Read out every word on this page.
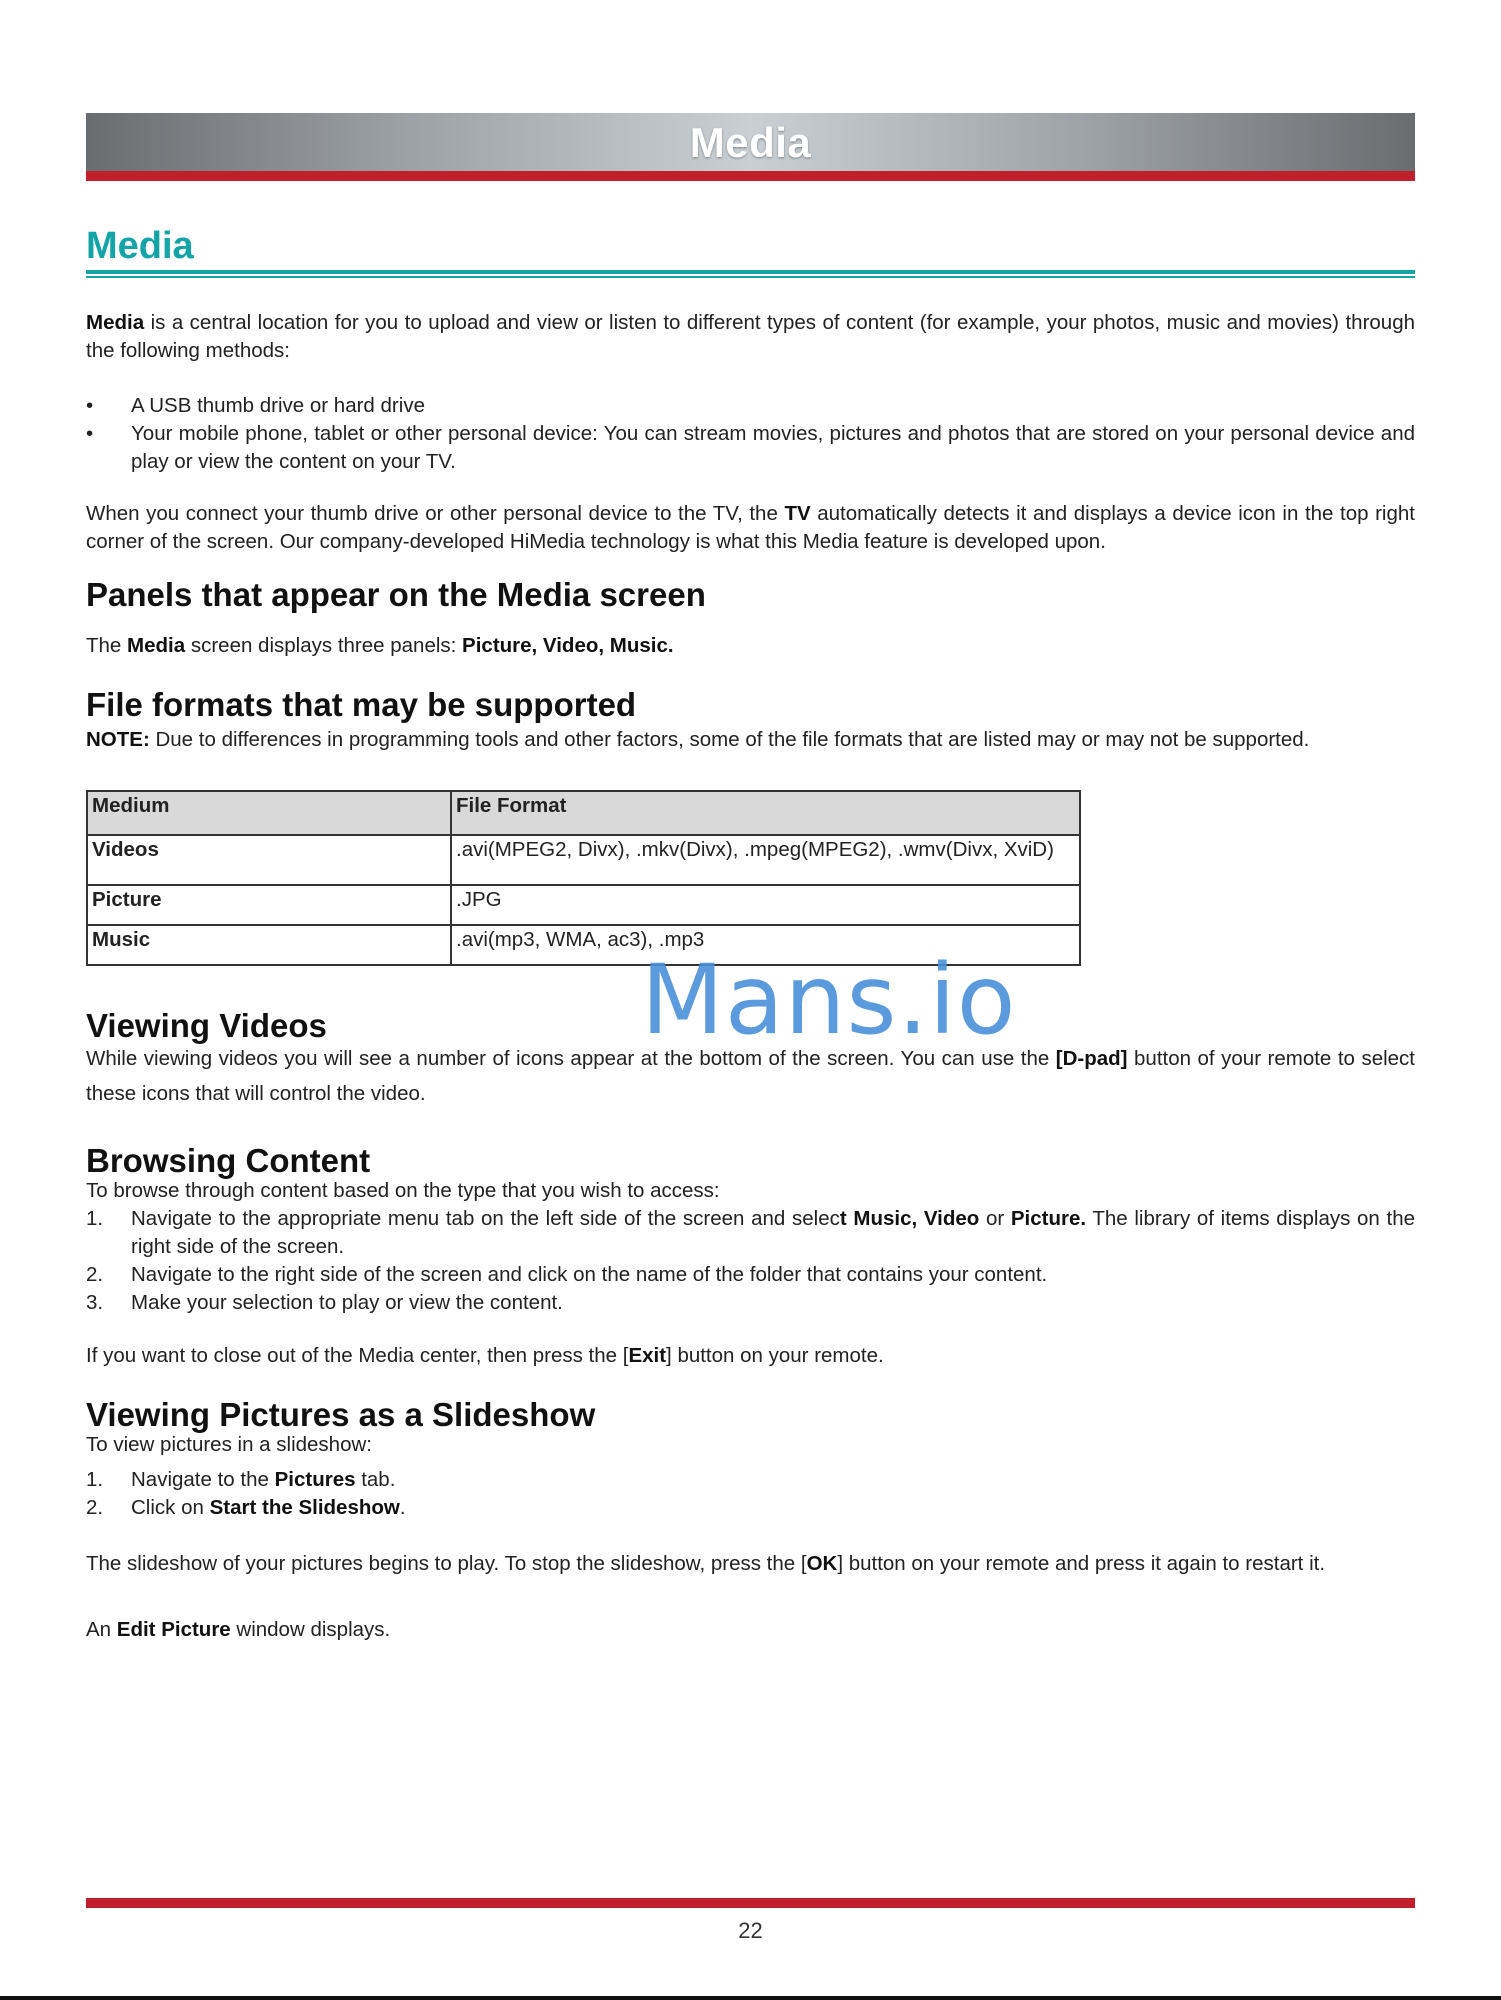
Media
Media
Media is a central location for you to upload and view or listen to different types of content (for example, your photos, music and movies) through the following methods:
• A USB thumb drive or hard drive
• Your mobile phone, tablet or other personal device: You can stream movies, pictures and photos that are stored on your personal device and play or view the content on your TV.
When you connect your thumb drive or other personal device to the TV, the TV automatically detects it and displays a device icon in the top right corner of the screen. Our company-developed HiMedia technology is what this Media feature is developed upon.
Panels that appear on the Media screen
The Media screen displays three panels: Picture, Video, Music.
File formats that may be supported
NOTE: Due to differences in programming tools and other factors, some of the file formats that are listed may or may not be supported.
Medium	File Format
Videos	.avi(MPEG2, Divx), .mkv(Divx), .mpeg(MPEG2), .wmv(Divx, XviD)
Picture	.JPG
Music	.avi(mp3, WMA, ac3), .mp3
Mans.io
Viewing Videos
While viewing videos you will see a number of icons appear at the bottom of the screen. You can use the [D-pad] button of your remote to select these icons that will control the video.
Browsing Content
To browse through content based on the type that you wish to access:
1. Navigate to the appropriate menu tab on the left side of the screen and select Music, Video or Picture. The library of items displays on the right side of the screen.
2. Navigate to the right side of the screen and click on the name of the folder that contains your content.
3. Make your selection to play or view the content.
If you want to close out of the Media center, then press the [Exit] button on your remote.
Viewing Pictures as a Slideshow
To view pictures in a slideshow:
1. Navigate to the Pictures tab.
2. Click on Start the Slideshow.
The slideshow of your pictures begins to play. To stop the slideshow, press the [OK] button on your remote and press it again to restart it.
An Edit Picture window displays.
22
